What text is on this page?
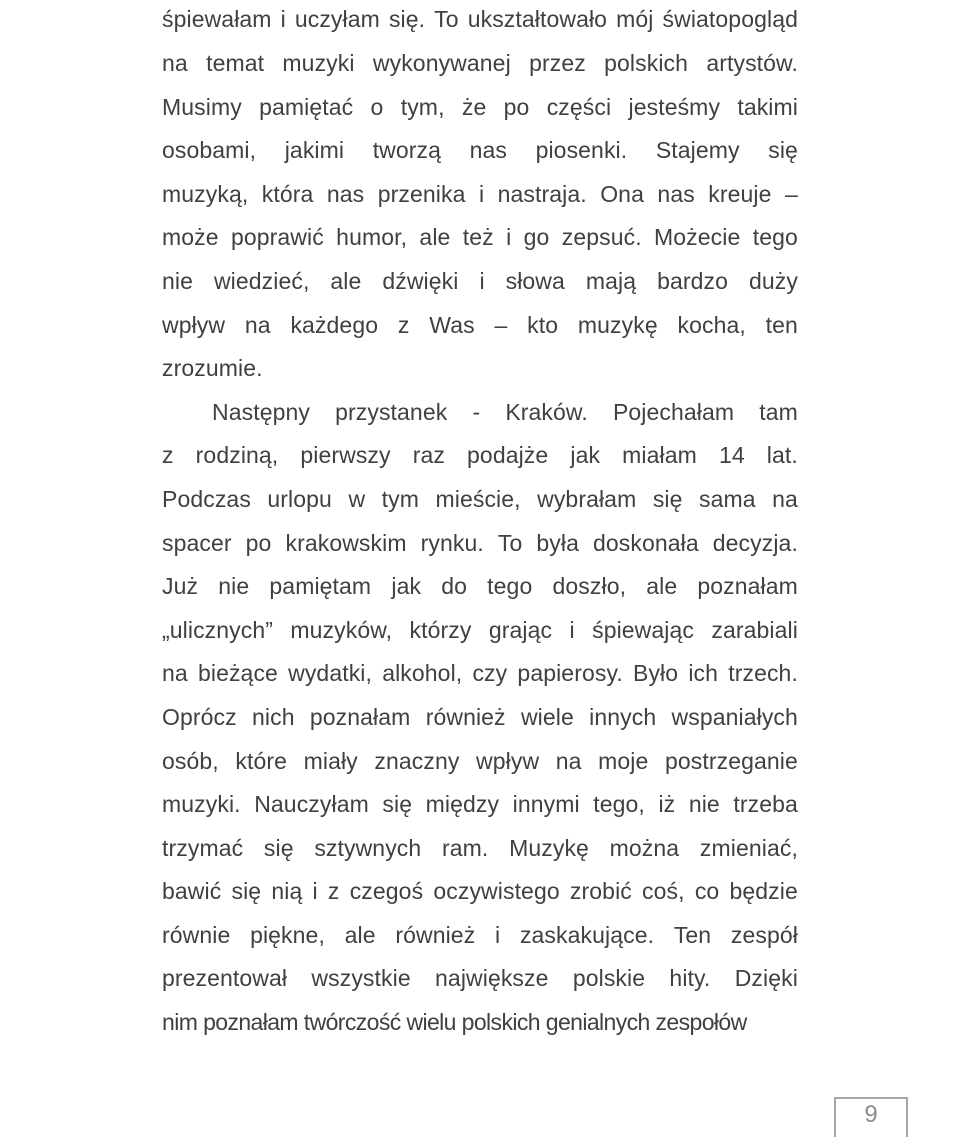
śpiewałam i uczyłam się. To ukształtowało mój światopogląd
na temat muzyki wykonywanej przez polskich artystów.
Musimy pamiętać o tym, że po części jesteśmy takimi
osobami, jakimi tworzą nas piosenki. Stajemy się
muzyką, która nas przenika i nastraja. Ona nas kreuje –
może poprawić humor, ale też i go zepsuć. Możecie tego
nie wiedzieć, ale dźwięki i słowa mają bardzo duży
wpływ na każdego z Was – kto muzykę kocha, ten
zrozumie.
Następny przystanek - Kraków. Pojechałam tam
z rodziną, pierwszy raz podajże jak miałam 14 lat.
Podczas urlopu w tym mieście, wybrałam się sama na
spacer po krakowskim rynku. To była doskonała decyzja.
Już nie pamiętam jak do tego doszło, ale poznałam
„ulicznych” muzyków, którzy grając i śpiewając zarabiali
na bieżące wydatki, alkohol, czy papierosy. Było ich trzech.
Oprócz nich poznałam również wiele innych wspaniałych
osób, które miały znaczny wpływ na moje postrzeganie
muzyki. Nauczyłam się między innymi tego, iż nie trzeba
trzymać się sztywnych ram. Muzykę można zmieniać,
bawić się nią i z czegoś oczywistego zrobić coś, co będzie
równie piękne, ale również i zaskakujące. Ten zespół
prezentował wszystkie największe polskie hity. Dzięki
nim
poznałam
twórczość
wielu
polskich
genialnych
zespołów
9
